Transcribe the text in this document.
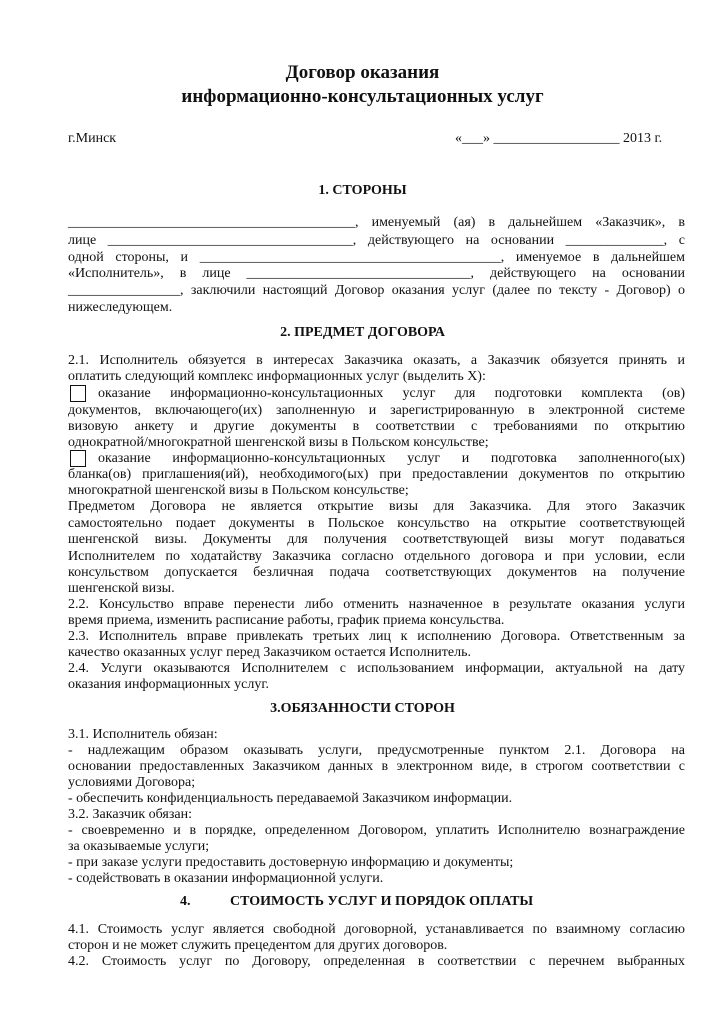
Договор оказания
информационно-консультационных услуг
г.Минск	«___» __________________ 2013 г.
1. СТОРОНЫ
_________________________________________, именуемый (ая) в дальнейшем «Заказчик», в
лице ___________________________________, действующего на основании ______________, с
одной стороны, и ___________________________________________, именуемое в дальнейшем
«Исполнитель», в лице ________________________________, действующего на основании
________________, заключили настоящий Договор оказания услуг (далее по тексту - Договор) о
нижеследующем.
2. ПРЕДМЕТ ДОГОВОРА
2.1. Исполнитель обязуется в интересах Заказчика оказать, а Заказчик обязуется принять и
оплатить следующий комплекс информационных услуг (выделить X):
оказание информационно-консультационных услуг для подготовки комплекта (ов)
документов, включающего(их) заполненную и зарегистрированную в электронной системе
визовую анкету и другие документы в соответствии с требованиями по открытию
однократной/многократной шенгенской визы в Польском консульстве;
оказание информационно-консультационных услуг и подготовка заполненного(ых)
бланка(ов) приглашения(ий), необходимого(ых) при предоставлении документов по открытию
многократной шенгенской визы в Польском консульстве;
Предметом Договора не является открытие визы для Заказчика. Для этого Заказчик
самостоятельно подает документы в Польское консульство на открытие соответствующей
шенгенской визы. Документы для получения соответствующей визы могут подаваться
Исполнителем по ходатайству Заказчика согласно отдельного договора и при условии, если
консульством допускается безличная подача соответствующих документов на получение
шенгенской визы.
2.2. Консульство вправе перенести либо отменить назначенное в результате оказания услуги
время приема, изменить расписание работы, график приема консульства.
2.3. Исполнитель вправе привлекать третьих лиц к исполнению Договора. Ответственным за
качество оказанных услуг перед Заказчиком остается Исполнитель.
2.4. Услуги оказываются Исполнителем с использованием информации, актуальной на дату
оказания информационных услуг.
3.ОБЯЗАННОСТИ СТОРОН
3.1. Исполнитель обязан:
- надлежащим образом оказывать услуги, предусмотренные пунктом 2.1. Договора на
основании предоставленных Заказчиком данных в электронном виде, в строгом соответствии с
условиями Договора;
- обеспечить конфиденциальность передаваемой Заказчиком информации.
3.2. Заказчик обязан:
- своевременно и в порядке, определенном Договором, уплатить Исполнителю вознаграждение
за оказываемые услуги;
- при заказе услуги предоставить достоверную информацию и документы;
- содействовать в оказании информационной услуги.
4.	СТОИМОСТЬ УСЛУГ И ПОРЯДОК ОПЛАТЫ
4.1. Стоимость услуг является свободной договорной, устанавливается по взаимному согласию
сторон и не может служить прецедентом для других договоров.
4.2. Стоимость услуг по Договору, определенная в соответствии с перечнем выбранных
